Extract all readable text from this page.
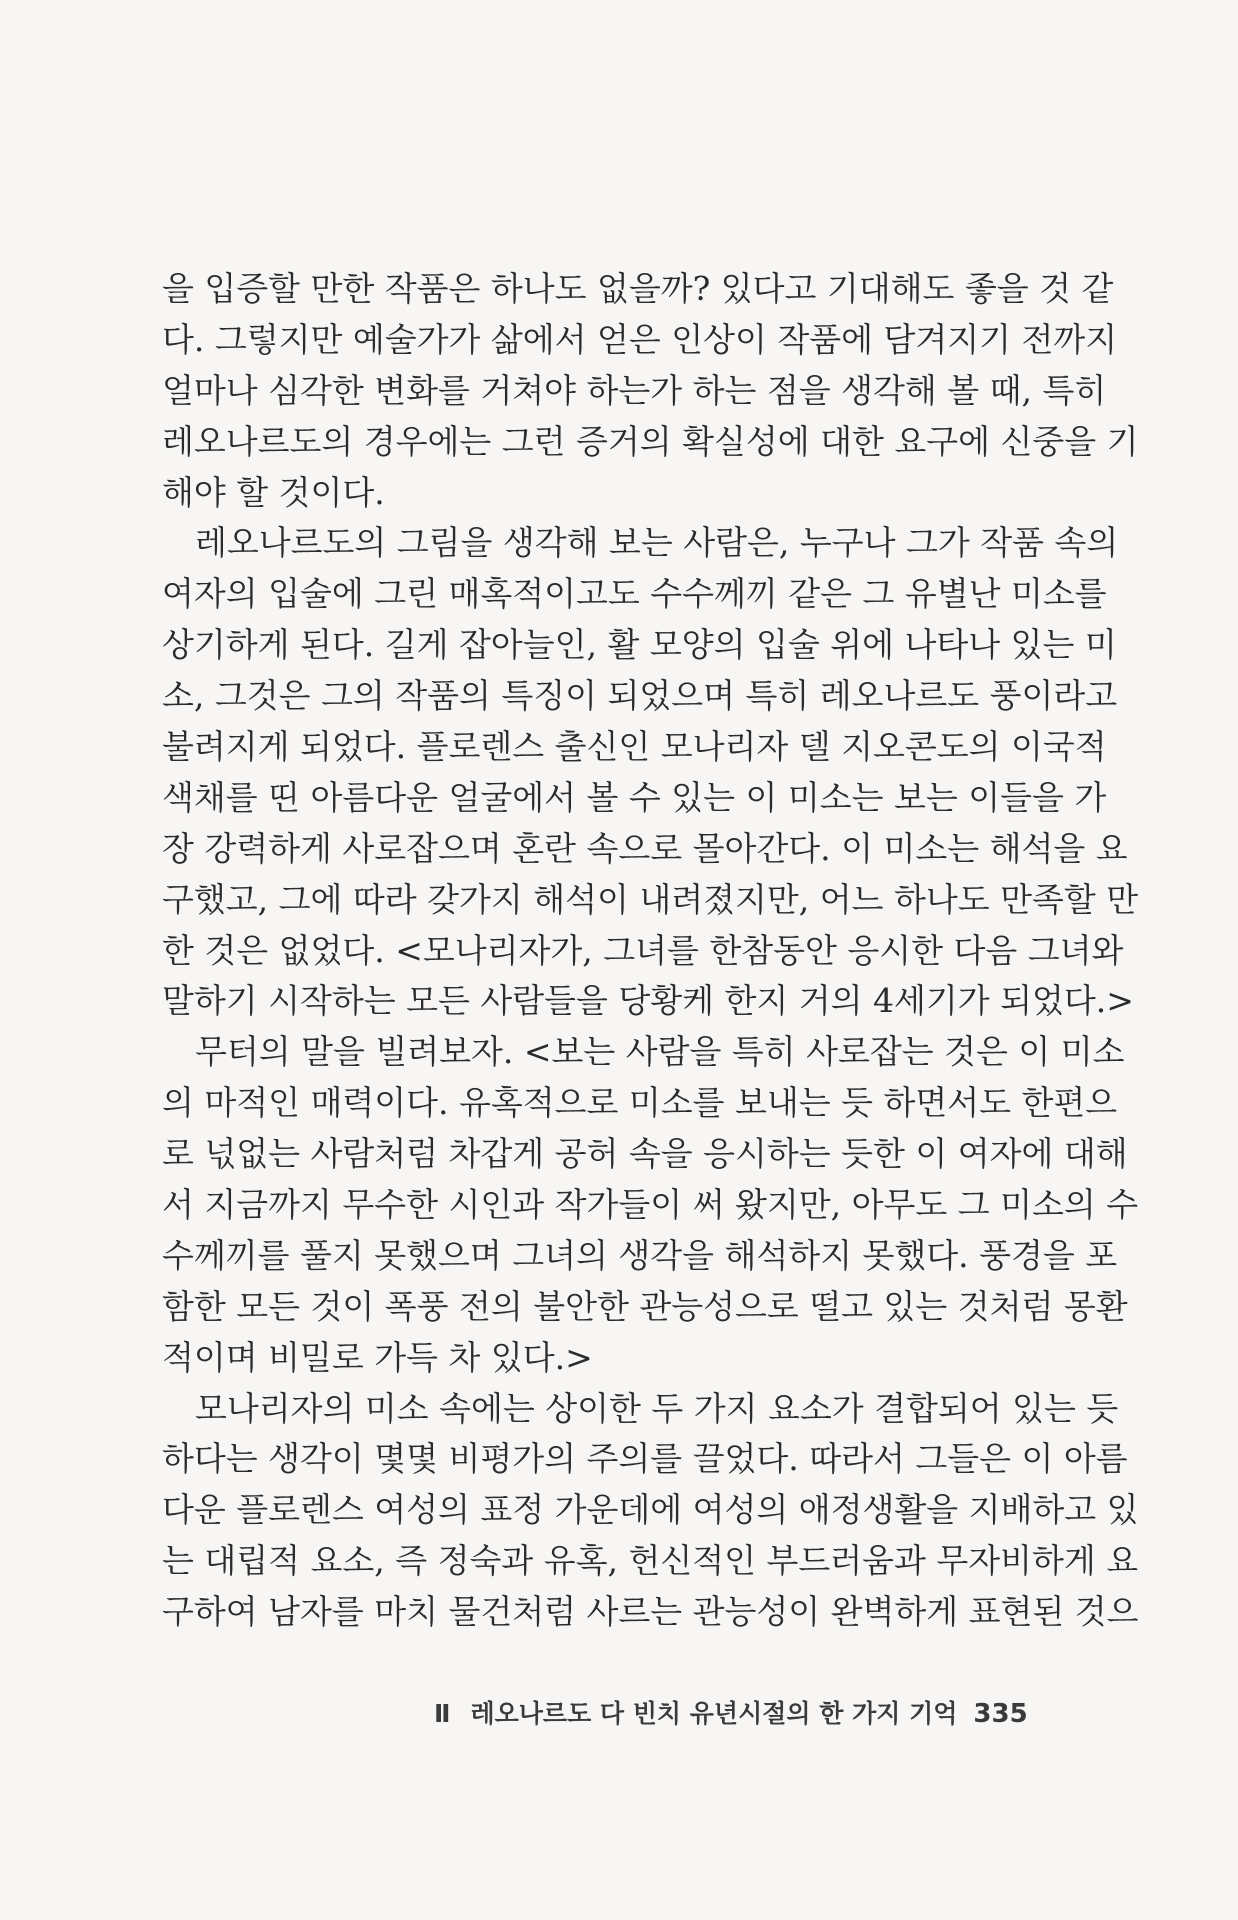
을 입증할 만한 작품은 하나도 없을까? 있다고 기대해도 좋을 것 같
다. 그렇지만 예술가가 삶에서 얻은 인상이 작품에 담겨지기 전까지
얼마나 심각한 변화를 거쳐야 하는가 하는 점을 생각해 볼 때, 특히
레오나르도의 경우에는 그런 증거의 확실성에 대한 요구에 신중을 기
해야 할 것이다.

레오나르도의 그림을 생각해 보는 사람은, 누구나 그가 작품 속의
여자의 입술에 그린 매혹적이고도 수수께끼 같은 그 유별난 미소를
상기하게 된다. 길게 잡아늘인, 활 모양의 입술 위에 나타나 있는 미
소, 그것은 그의 작품의 특징이 되었으며 특히 레오나르도 풍이라고
불려지게 되었다. 플로렌스 출신인 모나리자 델 지오콘도의 이국적
색채를 띤 아름다운 얼굴에서 볼 수 있는 이 미소는 보는 이들을 가
장 강력하게 사로잡으며 혼란 속으로 몰아간다. 이 미소는 해석을 요
구했고, 그에 따라 갖가지 해석이 내려졌지만, 어느 하나도 만족할 만
한 것은 없었다. <모나리자가, 그녀를 한참동안 응시한 다음 그녀와
말하기 시작하는 모든 사람들을 당황케 한지 거의 4세기가 되었다.>

무터의 말을 빌려보자. <보는 사람을 특히 사로잡는 것은 이 미소
의 마적인 매력이다. 유혹적으로 미소를 보내는 듯 하면서도 한편으
로 넋없는 사람처럼 차갑게 공허 속을 응시하는 듯한 이 여자에 대해
서 지금까지 무수한 시인과 작가들이 써 왔지만, 아무도 그 미소의 수
수께끼를 풀지 못했으며 그녀의 생각을 해석하지 못했다. 풍경을 포
함한 모든 것이 폭풍 전의 불안한 관능성으로 떨고 있는 것처럼 몽환
적이며 비밀로 가득 차 있다.>

모나리자의 미소 속에는 상이한 두 가지 요소가 결합되어 있는 듯
하다는 생각이 몇몇 비평가의 주의를 끌었다. 따라서 그들은 이 아름
다운 플로렌스 여성의 표정 가운데에 여성의 애정생활을 지배하고 있
는 대립적 요소, 즉 정숙과 유혹, 헌신적인 부드러움과 무자비하게 요
구하여 남자를 마치 물건처럼 사르는 관능성이 완벽하게 표현된 것으

Ⅱ 레오나르도 다 빈치 유년시절의 한 가지 기억 335
